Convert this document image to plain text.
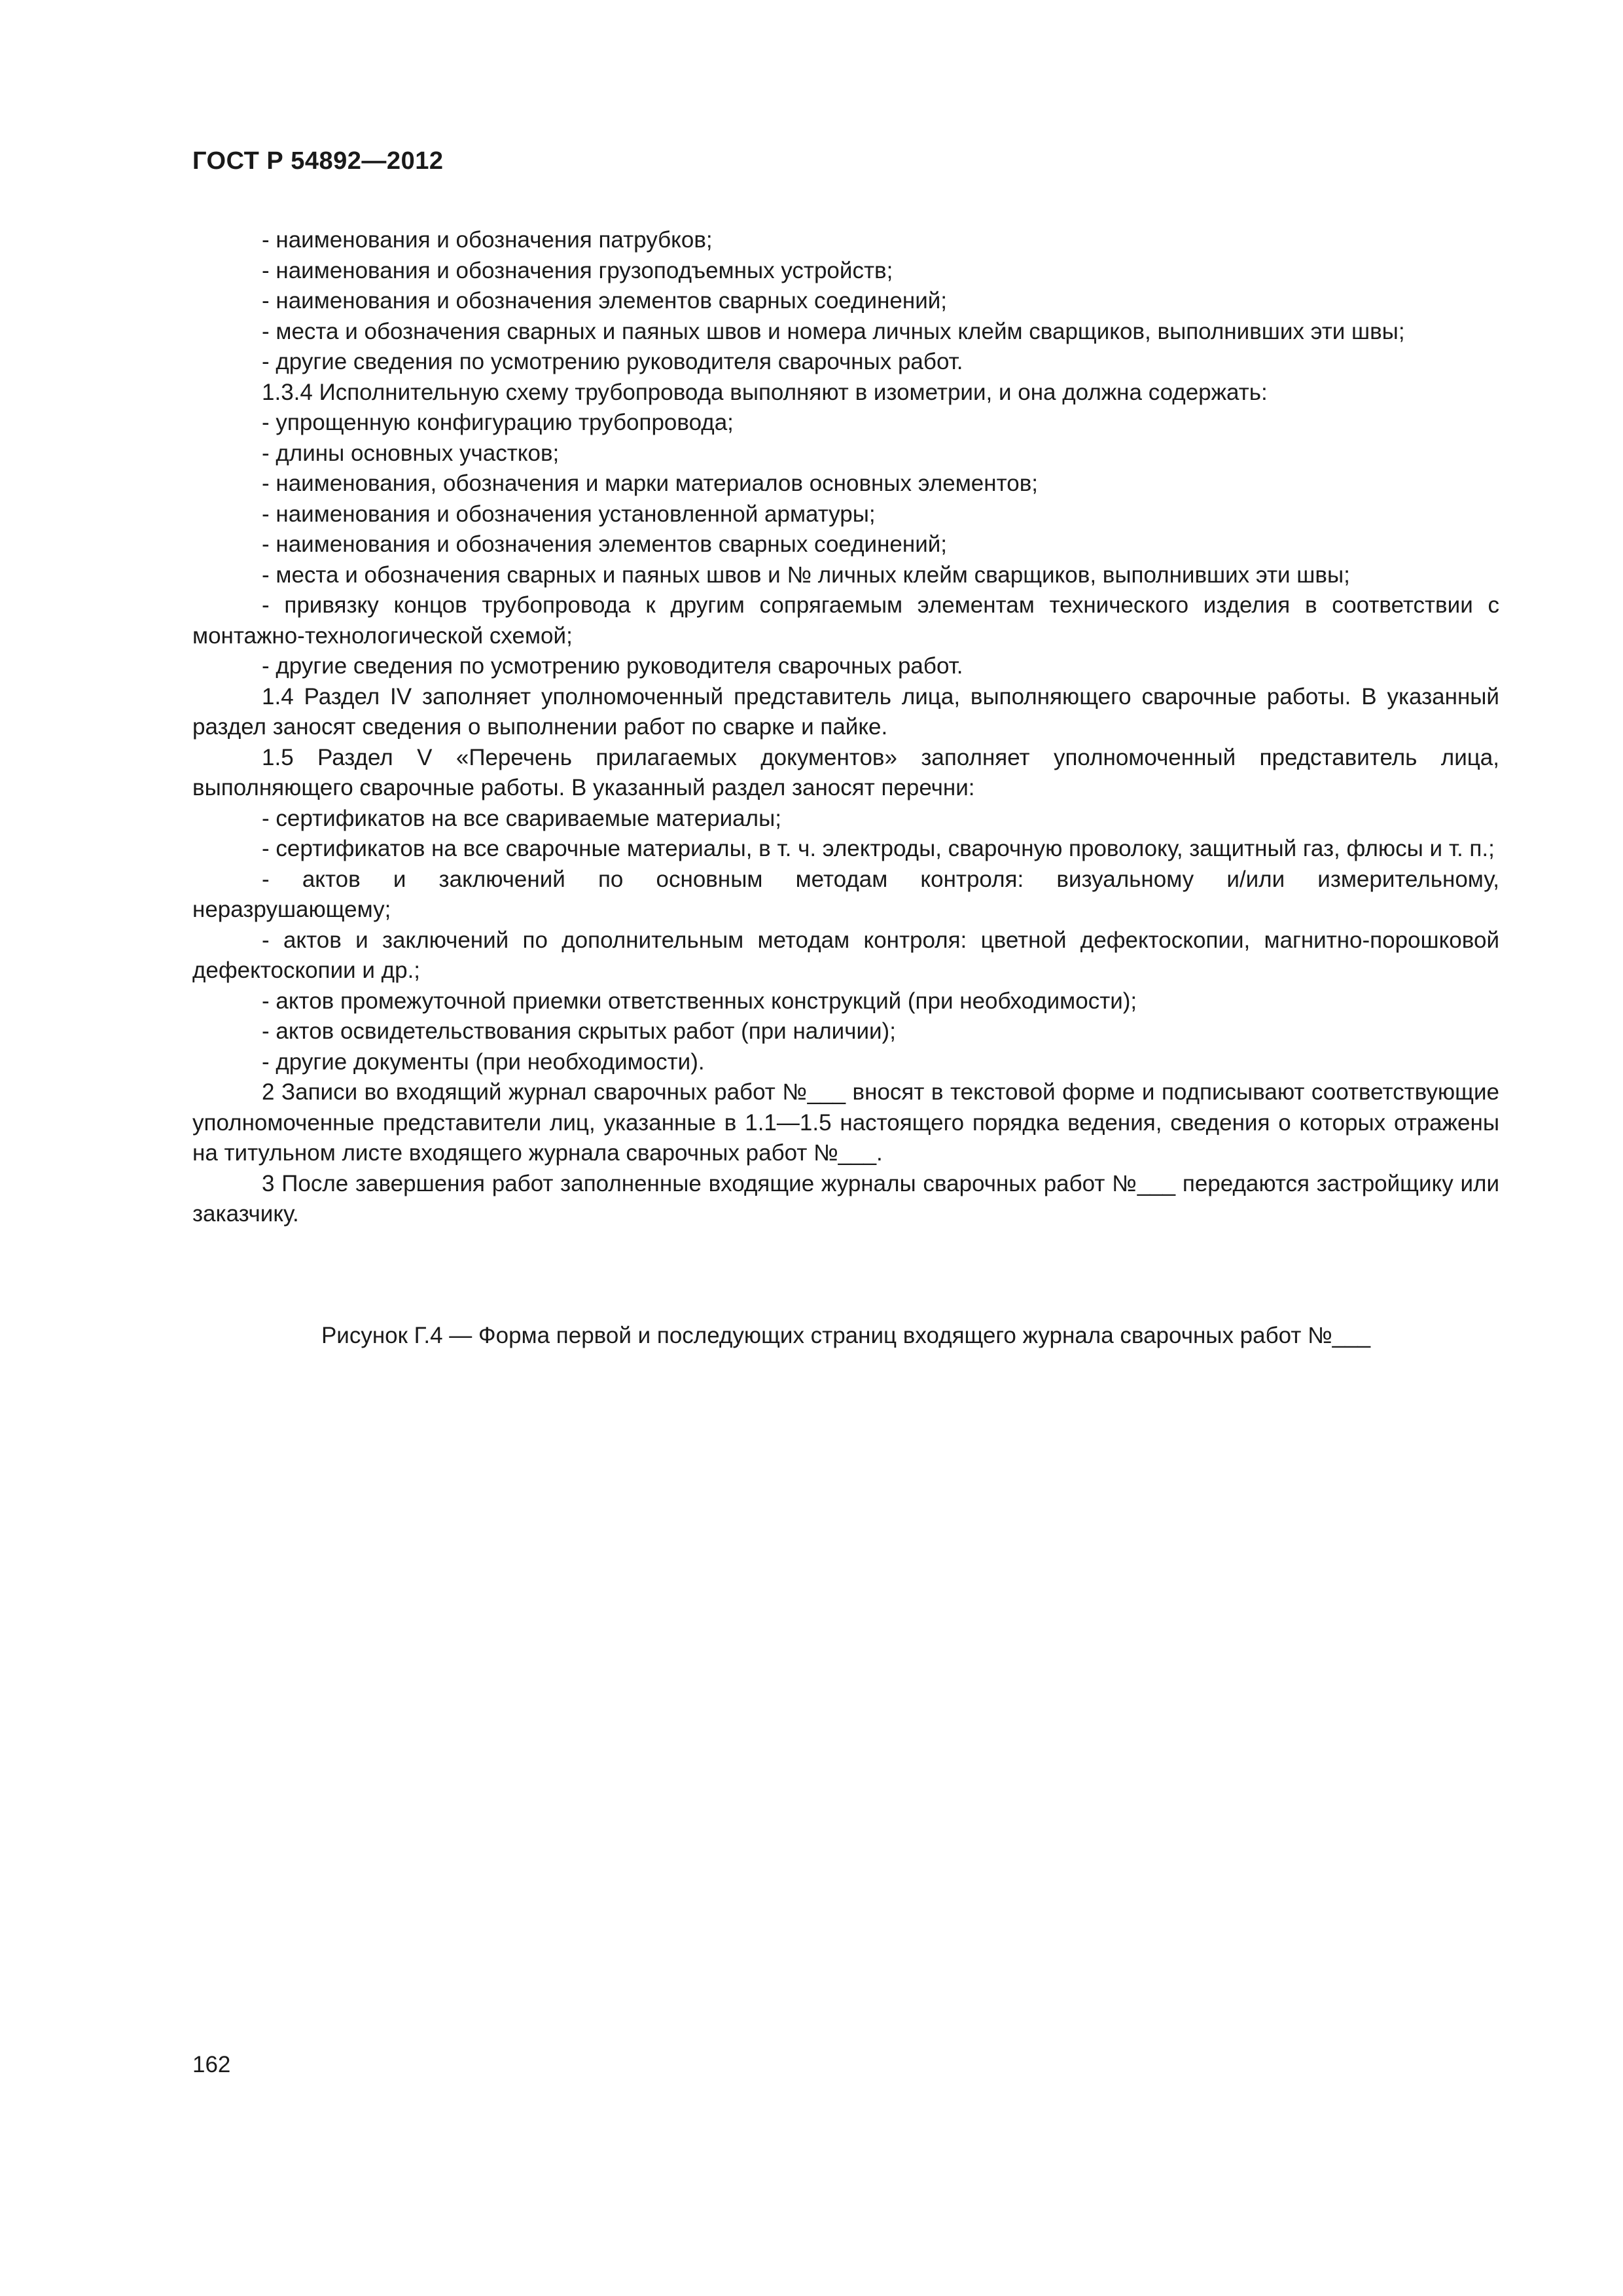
ГОСТ Р 54892—2012

- наименования и обозначения патрубков;

- наименования и обозначения грузоподъемных устройств;

- наименования и обозначения элементов сварных соединений;

- места и обозначения сварных и паяных швов и номера личных клейм сварщиков, выполнивших эти швы;

- другие сведения по усмотрению руководителя сварочных работ.

1.3.4 Исполнительную схему трубопровода выполняют в изометрии, и она должна содержать:

- упрощенную конфигурацию трубопровода;

- длины основных участков;

- наименования, обозначения и марки материалов основных элементов;

- наименования и обозначения установленной арматуры;

- наименования и обозначения элементов сварных соединений;

- места и обозначения сварных и паяных швов и № личных клейм сварщиков, выполнивших эти швы;

- привязку концов трубопровода к другим сопрягаемым элементам технического изделия в соответствии с монтажно-технологической схемой;

- другие сведения по усмотрению руководителя сварочных работ.

1.4 Раздел IV заполняет уполномоченный представитель лица, выполняющего сварочные работы. В указанный раздел заносят сведения о выполнении работ по сварке и пайке.

1.5 Раздел V «Перечень прилагаемых документов» заполняет уполномоченный представитель лица, выполняющего сварочные работы. В указанный раздел заносят перечни:

- сертификатов на все свариваемые материалы;

- сертификатов на все сварочные материалы, в т. ч. электроды, сварочную проволоку, защитный газ, флюсы и т. п.;

- актов и заключений по основным методам контроля: визуальному и/или измерительному,

неразрушающему;

- актов и заключений по дополнительным методам контроля: цветной дефектоскопии, магнитно-порошковой дефектоскопии и др.;

- актов промежуточной приемки ответственных конструкций (при необходимости);

- актов освидетельствования скрытых работ (при наличии);

- другие документы (при необходимости).

2 Записи во входящий журнал сварочных работ №___ вносят в текстовой форме и подписывают соответствующие уполномоченные представители лиц, указанные в 1.1—1.5 настоящего порядка ведения, сведения о которых отражены на титульном листе входящего журнала сварочных работ №___.

3 После завершения работ заполненные входящие журналы сварочных работ №___ передаются застройщику или заказчику.

Рисунок Г.4 — Форма первой и последующих страниц входящего журнала сварочных работ №___
162
